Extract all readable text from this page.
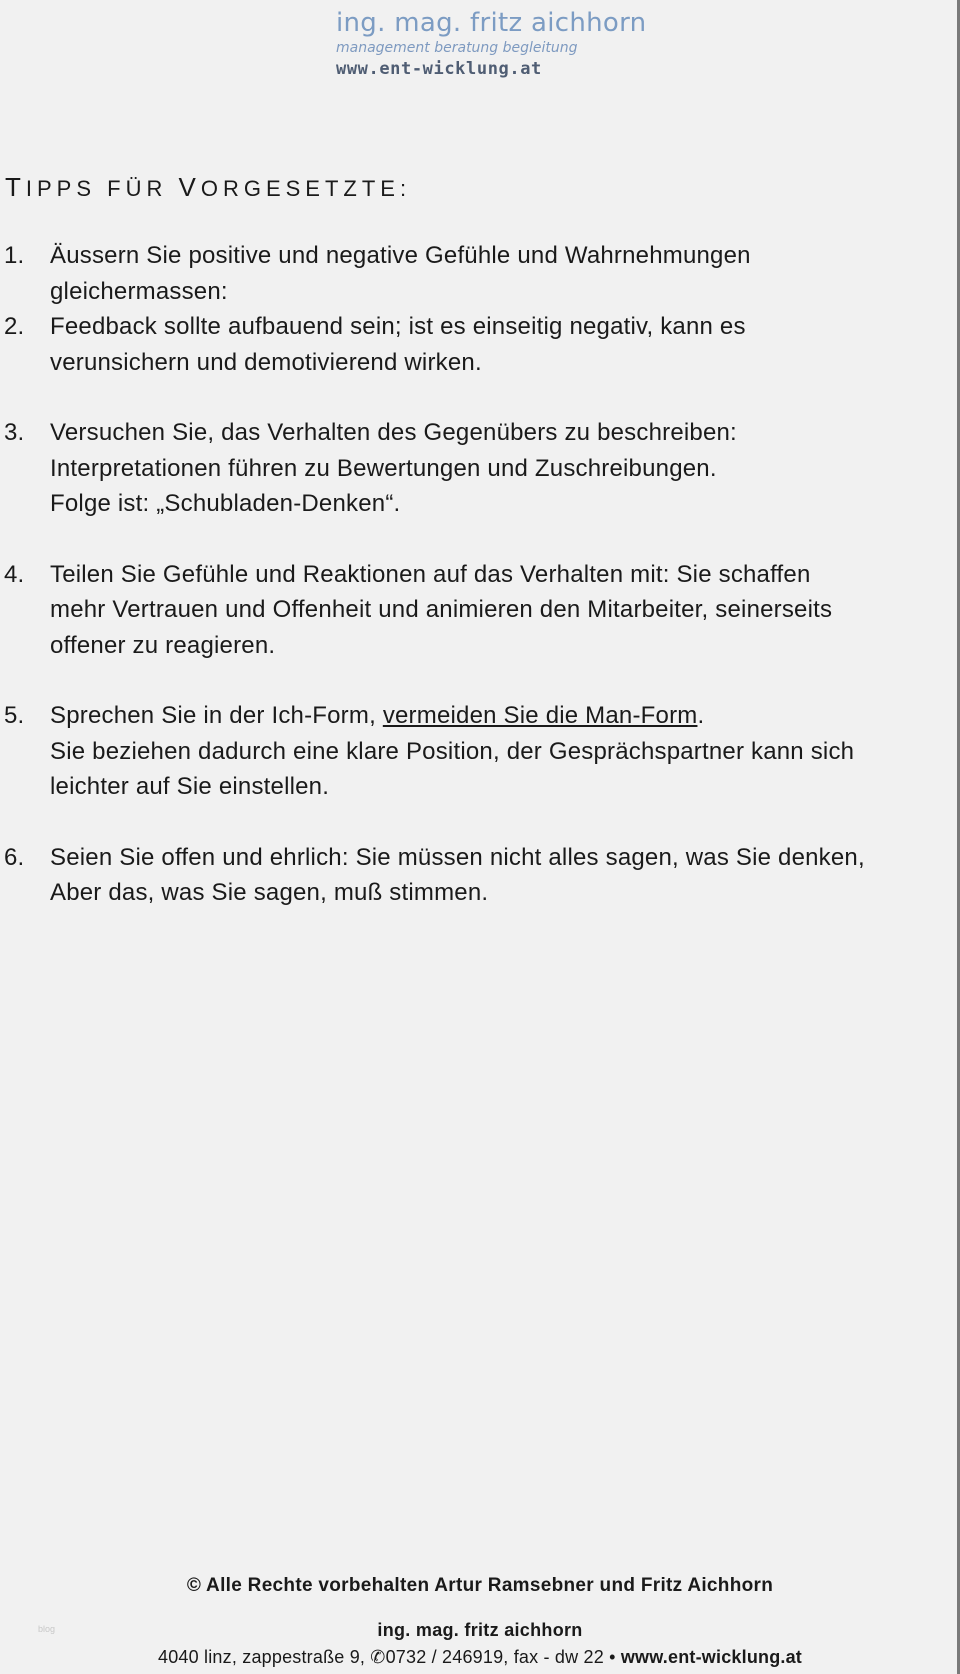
ing. mag. fritz aichhorn
management beratung begleitung
www.ent-wicklung.at
TIPPS FÜR VORGESETZTE:
1.	Äussern Sie positive und negative Gefühle und Wahrnehmungen
gleichermassen:
2.	Feedback sollte aufbauend sein; ist es einseitig negativ, kann es
verunsichern und demotivierend wirken.
3.	Versuchen Sie, das Verhalten des Gegenübers zu beschreiben:
Interpretationen führen zu Bewertungen und Zuschreibungen.
Folge ist: „Schubladen-Denken“.
4.	Teilen Sie Gefühle und Reaktionen auf das Verhalten mit: Sie schaffen
mehr Vertrauen und Offenheit und animieren den Mitarbeiter, seinerseits
offener zu reagieren.
5.	Sprechen Sie in der Ich-Form, vermeiden Sie die Man-Form.
Sie beziehen dadurch eine klare Position, der Gesprächspartner kann sich
leichter auf Sie einstellen.
6.	Seien Sie offen und ehrlich: Sie müssen nicht alles sagen, was Sie denken,
Aber das, was Sie sagen, muß stimmen.
© Alle Rechte vorbehalten Artur Ramsebner und Fritz Aichhorn
blog	ing. mag. fritz aichhorn
4040 linz, zappestraße 9, ✆0732 / 246919, fax - dw 22 • www.ent-wicklung.at
